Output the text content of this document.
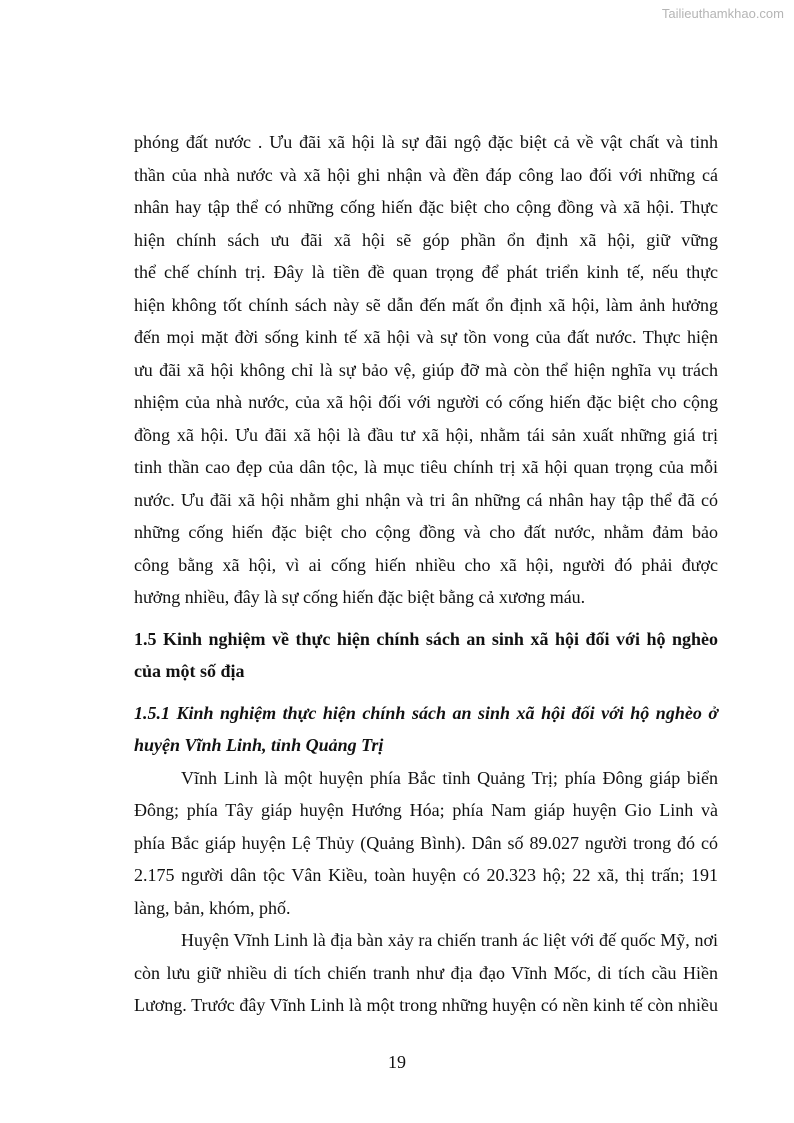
Tailieuthamkhao.com
phóng đất nước . Ưu đãi xã hội là sự đãi ngộ đặc biệt cả về vật chất và tinh
thần của nhà nước và xã hội ghi nhận và đền đáp công lao đối với những cá
nhân hay tập thể có những cống hiến đặc biệt cho cộng đồng và xã hội. Thực
hiện chính sách ưu đãi xã hội sẽ góp phần ổn định xã hội, giữ vững
thể chế chính trị. Đây là tiền đề quan trọng để phát triển kinh tế, nếu thực
hiện không tốt chính sách này sẽ dẫn đến mất ổn định xã hội, làm ảnh hưởng
đến mọi mặt đời sống kinh tế xã hội và sự tồn vong của đất nước. Thực hiện
ưu đãi xã hội không chỉ là sự bảo vệ, giúp đỡ mà còn thể hiện nghĩa vụ trách
nhiệm của nhà nước, của xã hội đối với người có cống hiến đặc biệt cho cộng
đồng xã hội. Ưu đãi xã hội là đầu tư xã hội, nhằm tái sản xuất những giá trị
tinh thần cao đẹp của dân tộc, là mục tiêu chính trị xã hội quan trọng của mỗi
nước. Ưu đãi xã hội nhằm ghi nhận và tri ân những cá nhân hay tập thể đã có
những cống hiến đặc biệt cho cộng đồng và cho đất nước, nhằm đảm bảo
công bằng xã hội, vì ai cống hiến nhiều cho xã hội, người đó phải được
hưởng nhiều, đây là sự cống hiến đặc biệt bằng cả xương máu.
1.5 Kinh nghiệm về thực hiện chính sách an sinh xã hội đối với hộ nghèo
của một số địa
1.5.1 Kinh nghiệm thực hiện chính sách an sinh xã hội đối với hộ nghèo ở
huyện Vĩnh Linh, tỉnh Quảng Trị
Vĩnh Linh là một huyện phía Bắc tỉnh Quảng Trị; phía Đông giáp biển
Đông; phía Tây giáp huyện Hướng Hóa; phía Nam giáp huyện Gio Linh và
phía Bắc giáp huyện Lệ Thủy (Quảng Bình). Dân số 89.027 người trong đó có
2.175 người dân tộc Vân Kiều, toàn huyện có 20.323 hộ; 22 xã, thị trấn; 191
làng, bản, khóm, phố.
Huyện Vĩnh Linh là địa bàn xảy ra chiến tranh ác liệt với đế quốc Mỹ, nơi
còn lưu giữ nhiều di tích chiến tranh như địa đạo Vĩnh Mốc, di tích cầu Hiền
Lương. Trước đây Vĩnh Linh là một trong những huyện có nền kinh tế còn nhiều
19
